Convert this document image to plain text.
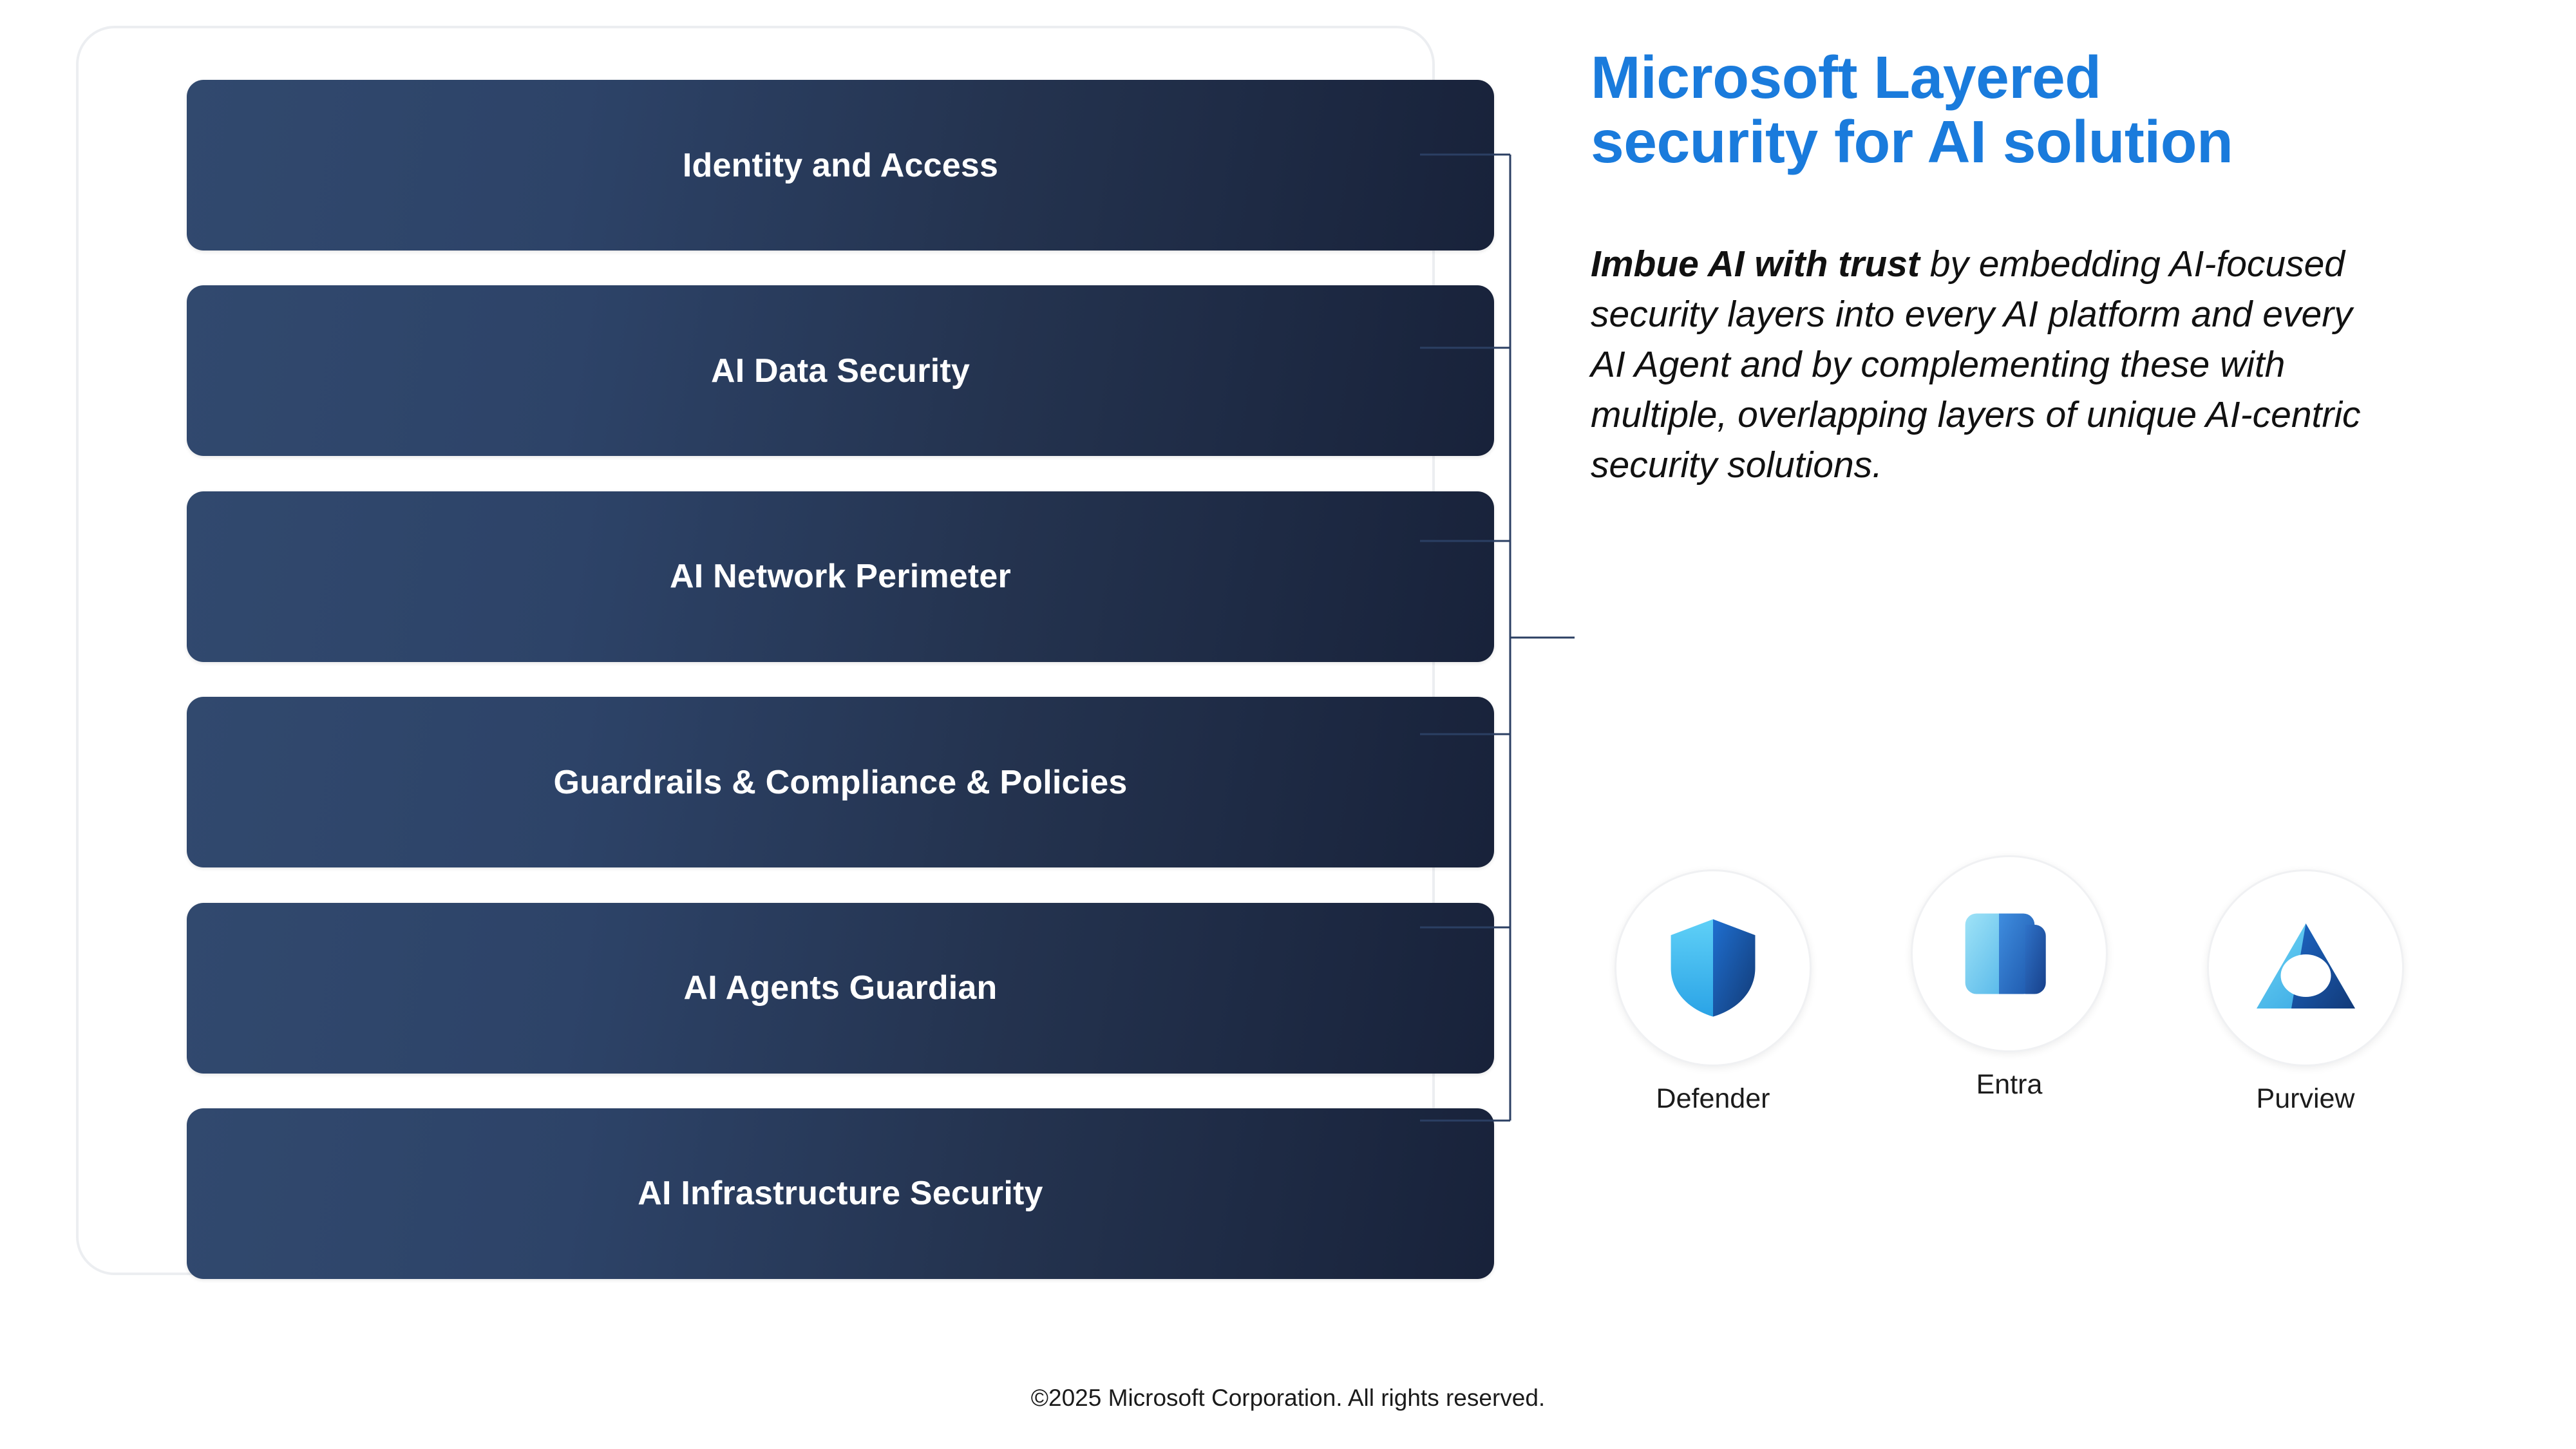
Identity and Access
AI Data Security
AI Network Perimeter
Guardrails & Compliance & Policies
AI Agents Guardian
AI Infrastructure Security
Microsoft Layered
security for AI solution
Imbue AI with trust by embedding AI-focused security layers into every AI platform and every AI Agent and by complementing these with multiple, overlapping layers of unique AI-centric security solutions.
Defender	Entra	Purview
©2025 Microsoft Corporation. All rights reserved.
